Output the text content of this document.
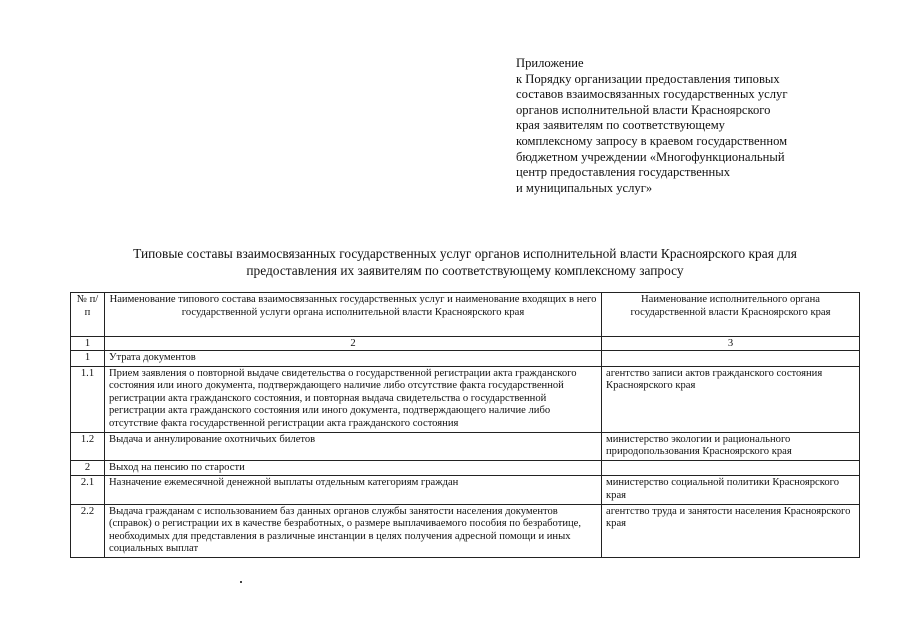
Приложение
к Порядку организации предоставления типовых
составов взаимосвязанных государственных услуг
органов исполнительной власти Красноярского
края заявителям по соответствующему
комплексному запросу в краевом государственном
бюджетном учреждении «Многофункциональный
центр предоставления государственных
и муниципальных услуг»
Типовые составы взаимосвязанных государственных услуг органов исполнительной власти Красноярского края для
предоставления их заявителям по соответствующему комплексному запросу
№ п/п	Наименование типового состава взаимосвязанных государственных услуг и наименование входящих в него государственной услуги органа исполнительной власти Красноярского края	Наименование исполнительного органа государственной власти Красноярского края
1	2	3
1	Утрата документов	
1.1	Прием заявления о повторной выдаче свидетельства о государственной регистрации акта гражданского состояния или иного документа, подтверждающего наличие либо отсутствие факта государственной регистрации акта гражданского состояния, и повторная выдача свидетельства о государственной регистрации акта гражданского состояния или иного документа, подтверждающего наличие либо отсутствие факта государственной регистрации акта гражданского состояния	агентство записи актов гражданского состояния Красноярского края
1.2	Выдача и аннулирование охотничьих билетов	министерство экологии и рационального природопользования Красноярского края
2	Выход на пенсию по старости	
2.1	Назначение ежемесячной денежной выплаты отдельным категориям граждан	министерство социальной политики Красноярского края
2.2	Выдача гражданам с использованием баз данных органов службы занятости населения документов (справок) о регистрации их в качестве безработных, о размере выплачиваемого пособия по безработице, необходимых для представления в различные инстанции в целях получения адресной помощи и иных социальных выплат	агентство труда и занятости населения Красноярского края
